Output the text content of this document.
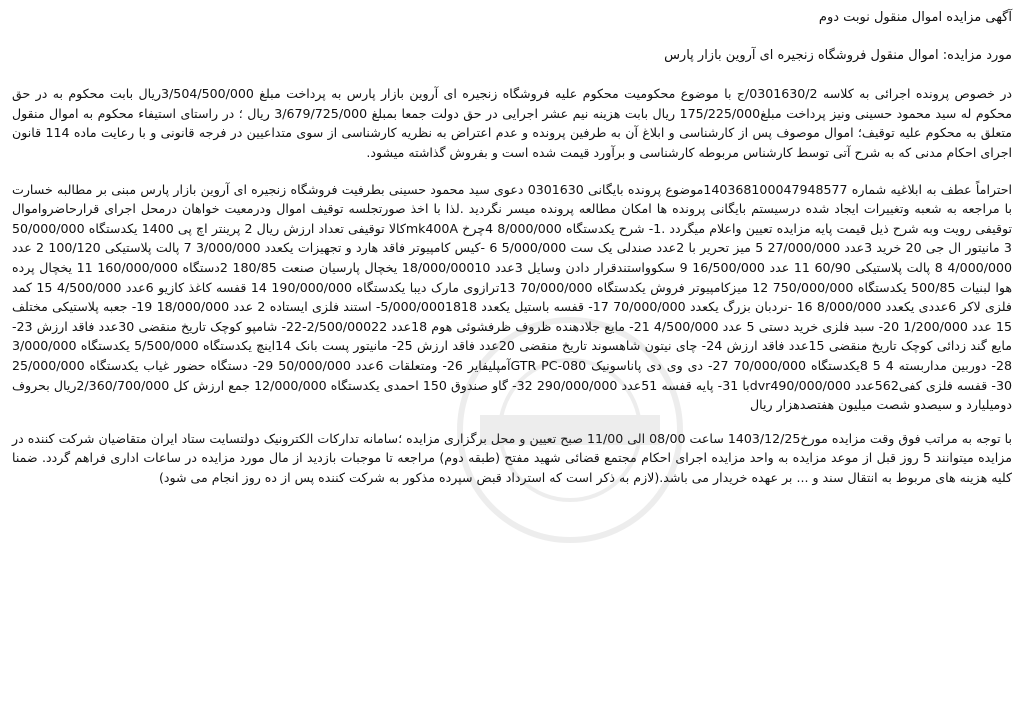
آگهی مزایده اموال منقول نوبت دوم
مورد مزایده: اموال منقول فروشگاه زنجیره ای آروین بازار پارس
در خصوص پرونده اجرائی به کلاسه 0301630/2/ج با موضوع محکومیت محکوم علیه فروشگاه زنجیره ای آروین بازار پارس به پرداخت مبلغ 3/504/500/000ریال بابت محکوم به در حق محکوم له سید محمود حسینی ونیز پرداخت مبلغ175/225/000 ریال بابت هزینه نیم عشر اجرایی در حق دولت جمعا بمبلغ 3/679/725/000 ریال ؛ در راستای استیفاء محکوم به اموال منقول متعلق به محکوم علیه توقیف؛ اموال موصوف پس از کارشناسی و ابلاغ آن به طرفین پرونده و عدم اعتراض به نظریه کارشناسی از سوی متداعیین در فرجه قانونی و با رعایت ماده 114 قانون اجرای احکام مدنی که به شرح آتی توسط کارشناس مربوطه کارشناسی و برآورد قیمت شده است و بفروش گذاشته میشود.
احتراماً عطف به ابلاغیه شماره 140368100047948577موضوع پرونده بایگانی 0301630 دعوی سید محمود حسینی بطرفیت فروشگاه زنجیره ای آروین بازار پارس مبنی بر مطالبه خسارت با مراجعه به شعبه وتغییرات ایجاد شده درسیستم بایگانی پرونده ها امکان مطالعه پرونده میسر نگردید .لذا با اخذ صورتجلسه توقیف اموال ودرمعیت خواهان درمحل اجرای قرارحاضرواموال توقیفی رویت وبه شرح ذیل قیمت پایه مزایده تعیین واعلام میگردد .1- شرح یکدستگاه 8/000/000 4چرخ mk400Aکالا توقیفی تعداد ارزش ریال 2 پرینتر اچ پی 1400 یکدستگاه 50/000/000 3 مانیتور ال جی 20 خرید 3عدد 27/000/000 5 میز تحریر با 2عدد صندلی یک ست 5/000/000 6 -کیس کامپیوتر فاقد هارد و تجهیزات یکعدد 3/000/000 7 پالت پلاستیکی 100/120 2 عدد 4/000/000 8 پالت پلاستیکی 60/90 11 عدد 16/500/000 9 سکوواستندقرار دادن وسایل 3عدد 18/000/00010 یخچال پارسیان صنعت 180/85 2دستگاه 160/000/000 11 یخچال پرده هوا لبنیات 500/85 یکدستگاه 750/000/000 12 میزکامپیوتر فروش یکدستگاه 70/000/000 13ترازوی مارک دیبا یکدستگاه 190/000/000 14 قفسه کاغذ کازیو 6عدد 4/500/000 15 کمد فلزی لاکر 6عددی یکعدد 8/000/000 16 -نردبان بزرگ یکعدد 70/000/000 17- قفسه باستیل یکعدد 5/000/0001818- استند فلزی ایستاده 2 عدد 18/000/000 19- جعبه پلاستیکی مختلف 15 عدد 1/200/000 20- سبد فلزی خرید دستی 5 عدد 4/500/000 21- مایع جلادهنده ظروف ظرفشوئی هوم 18عدد 2/500/00022-22- شامپو کوچک تاریخ منقضی 30عدد فاقد ارزش 23- مایع گند زدائی کوچک تاریخ منقضی 15عدد فاقد ارزش 24- چای نیتون شاهسوند تاریخ منقضی 20عدد فاقد ارزش 25- مانیتور پست بانک 14اینچ یکدستگاه 5/500/000 یکدستگاه 3/000/000 28- دوربین مداربسته 4 5 8یکدستگاه 70/000/000 27- دی وی دی پاناسونیک GTR PC-080آمپلیفایر 26- ومتعلقات 6عدد 50/000/000 29- دستگاه حضور غیاب یکدستگاه 25/000/000 30- قفسه فلزی کفی562عدد dvr490/000/000با 31- پایه قفسه 51عدد 290/000/000 32- گاو صندوق 150 احمدی یکدستگاه 12/000/000 جمع ارزش کل 2/360/700/000ریال بحروف دومیلیارد و سیصدو شصت میلیون هفتصدهزار ریال
با توجه به مراتب فوق وقت مزایده مورخ1403/12/25 ساعت 08/00 الی 11/00 صبح تعیین و محل برگزاری مزایده ؛سامانه تدارکات الکترونیک دولتسایت ستاد ایران متقاضیان شرکت کننده در مزایده میتوانند 5 روز قبل از موعد مزایده به واحد مزایده اجرای احکام مجتمع قضائی شهید مفتح (طبقه دوم) مراجعه تا موجبات بازدید از مال مورد مزایده در ساعات اداری فراهم گردد. ضمنا کلیه هزینه های مربوط به انتقال سند و ... بر عهده خریدار می باشد.(لازم به ذکر است که استرداد قبض سپرده مذکور به شرکت کننده پس از ده روز انجام می شود)
